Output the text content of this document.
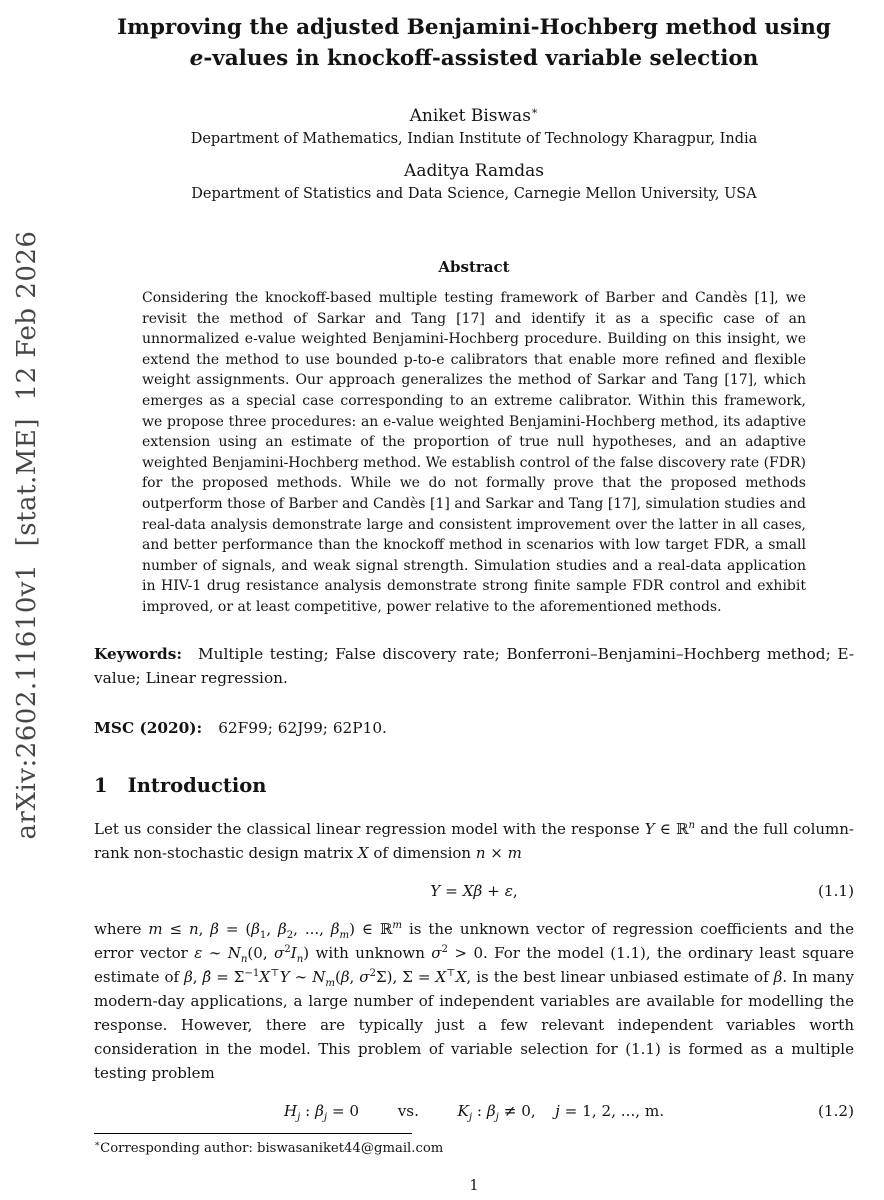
arXiv:2602.11610v1  [stat.ME]  12 Feb 2026
Improving the adjusted Benjamini-Hochberg method using
e-values in knockoff-assisted variable selection
Aniket Biswas∗
Department of Mathematics, Indian Institute of Technology Kharagpur, India
Aaditya Ramdas
Department of Statistics and Data Science, Carnegie Mellon University, USA
Abstract

Considering the knockoff-based multiple testing framework of Barber and Candès [1], we revisit the method of Sarkar and Tang [17] and identify it as a specific case of an unnormalized e-value weighted Benjamini-Hochberg procedure. Building on this insight, we extend the method to use bounded p-to-e calibrators that enable more refined and flexible weight assignments. Our approach generalizes the method of Sarkar and Tang [17], which emerges as a special case corresponding to an extreme calibrator. Within this framework, we propose three procedures: an e-value weighted Benjamini-Hochberg method, its adaptive extension using an estimate of the proportion of true null hypotheses, and an adaptive weighted Benjamini-Hochberg method. We establish control of the false discovery rate (FDR) for the proposed methods. While we do not formally prove that the proposed methods outperform those of Barber and Candès [1] and Sarkar and Tang [17], simulation studies and real-data analysis demonstrate large and consistent improvement over the latter in all cases, and better performance than the knockoff method in scenarios with low target FDR, a small number of signals, and weak signal strength. Simulation studies and a real-data application in HIV-1 drug resistance analysis demonstrate strong finite sample FDR control and exhibit improved, or at least competitive, power relative to the aforementioned methods.

Keywords: Multiple testing; False discovery rate; Bonferroni–Benjamini–Hochberg method; E-value; Linear regression.

MSC (2020): 62F99; 62J99; 62P10.

1 Introduction

Let us consider the classical linear regression model with the response Y ∈ ℝ$^n$ and the full column-rank non-stochastic design matrix X of dimension n × m

Y = Xβ + ε,	(1.1)

where m ≤ n, $\beta = (\beta_1$, $\beta_2$, ..., $\beta_m$) ∈ ℝ$^m$ is the unknown vector of regression coefficients and the error vector ε ∼ $N_n(0$, $\sigma^2I_n$) with unknown $\sigma^2 > 0$. For the model (1.1), the ordinary least square estimate of β, β̂ = $\Sigma^{-1}X^⊤Y$ ∼ $N_m(\beta$, $\sigma^2\Sigma$), Σ = X⊤X, is the best linear unbiased estimate of β. In many modern-day applications, a large number of independent variables are available for modelling the response. However, there are typically just a few relevant independent variables worth consideration in the model. This problem of variable selection for (1.1) is formed as a multiple testing problem

$H_j$ : $\beta_j = 0$        vs.        $K_j$ : $\beta_j \ne 0$,    j = 1, 2, ..., m.	(1.2)

∗Corresponding author: biswasaniket44@gmail.com

1
